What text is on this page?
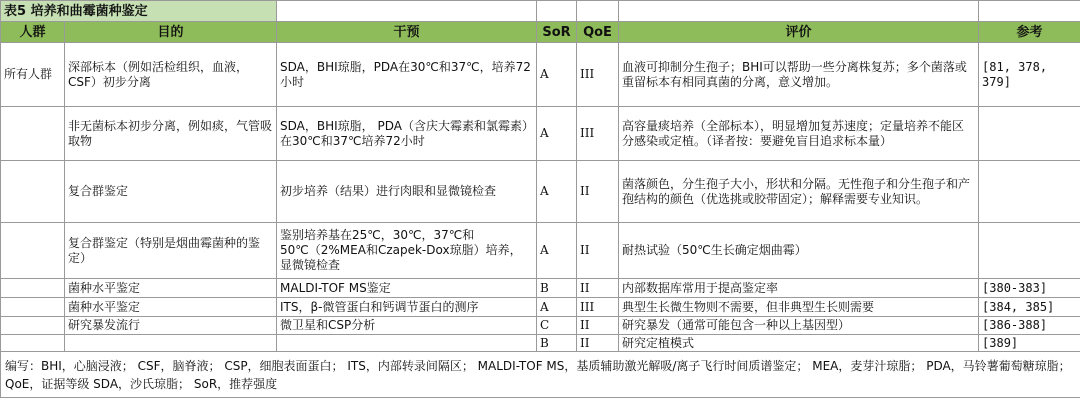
表5 培养和曲霉菌种鉴定						
人群	目的	干预	SoR	QoE	评价	参考
所有人群	深部标本（例如活检组织，血液，CSF）初步分离	SDA，BHI琼脂，PDA在30℃和37℃，培养72小时	A	III	血液可抑制分生孢子；BHI可以帮助一些分离株复苏；多个菌落或重留标本有相同真菌的分离，意义增加。	[81, 378, 379]
	非无菌标本初步分离，例如痰，气管吸取物	SDA，BHI琼脂， PDA（含庆大霉素和氯霉素）在30℃和37℃培养72小时	A	III	高容量痰培养（全部标本），明显增加复苏速度；定量培养不能区分感染或定植。（译者按：要避免盲目追求标本量）	
	复合群鉴定	初步培养（结果）进行肉眼和显微镜检查	A	II	菌落颜色，分生孢子大小，形状和分隔。无性孢子和分生孢子和产孢结构的颜色（优选挑或胶带固定）；解释需要专业知识。	
	复合群鉴定（特别是烟曲霉菌种的鉴定）	鉴别培养基在25℃，30℃，37℃和50℃（2%MEA和Czapek-Dox琼脂）培养，显微镜检查	A	II	耐热试验（50℃生长确定烟曲霉）	
	菌种水平鉴定	MALDI-TOF MS鉴定	B	II	内部数据库常用于提高鉴定率	[380-383]
	菌种水平鉴定	ITS，β-微管蛋白和钙调节蛋白的测序	A	III	典型生长微生物则不需要，但非典型生长则需要	[384, 385]
	研究暴发流行	微卫星和CSP分析	C	II	研究暴发（通常可能包含一种以上基因型）	[386-388]
			B	II	研究定植模式	[389]
编写：BHI，心脑浸液； CSF，脑脊液； CSP，细胞表面蛋白； ITS，内部转录间隔区； MALDI-TOF MS，基质辅助激光解吸/离子飞行时间质谱鉴定； MEA，麦芽汁琼脂； PDA，马铃薯葡萄糖琼脂； QoE，证据等级 SDA，沙氏琼脂； SoR，推荐强度						
